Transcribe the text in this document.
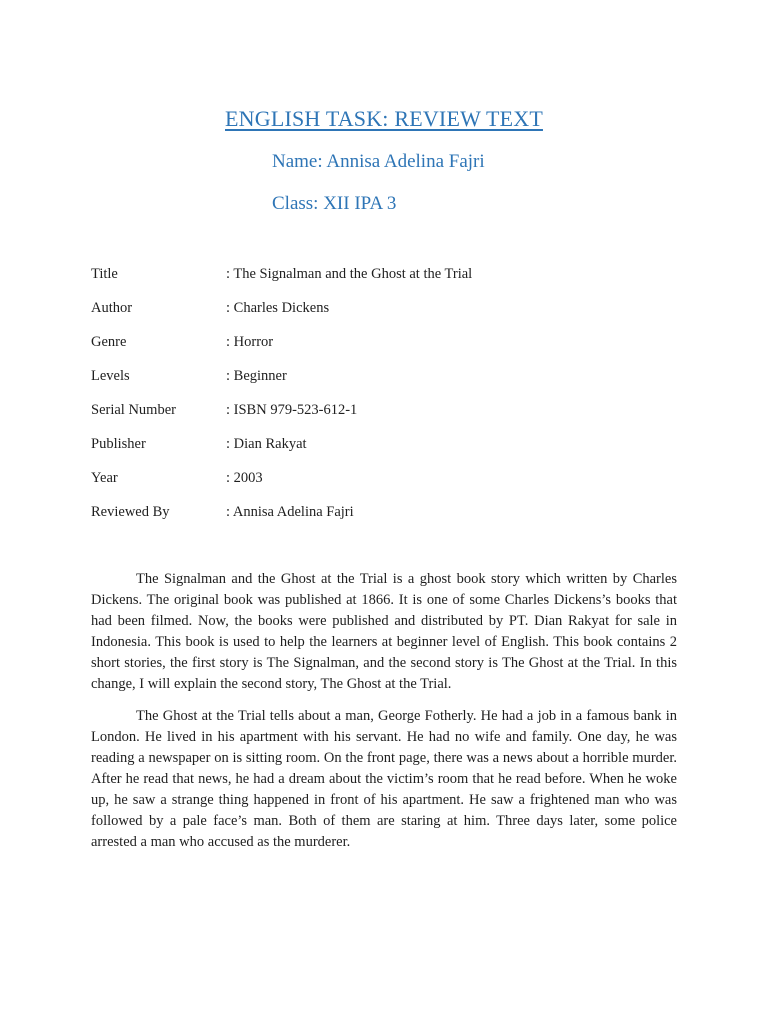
ENGLISH TASK: REVIEW TEXT
Name: Annisa Adelina Fajri
Class: XII IPA 3
Title	: The Signalman and the Ghost at the Trial
Author	: Charles Dickens
Genre	: Horror
Levels	: Beginner
Serial Number	: ISBN 979-523-612-1
Publisher	: Dian Rakyat
Year	: 2003
Reviewed By	: Annisa Adelina Fajri

The Signalman and the Ghost at the Trial is a ghost book story which written by Charles Dickens. The original book was published at 1866. It is one of some Charles Dickens’s books that had been filmed. Now, the books were published and distributed by PT. Dian Rakyat for sale in Indonesia. This book is used to help the learners at beginner level of English. This book contains 2 short stories, the first story is The Signalman, and the second story is The Ghost at the Trial. In this change, I will explain the second story, The Ghost at the Trial.

The Ghost at the Trial tells about a man, George Fotherly. He had a job in a famous bank in London. He lived in his apartment with his servant. He had no wife and family. One day, he was reading a newspaper on is sitting room. On the front page, there was a news about a horrible murder. After he read that news, he had a dream about the victim’s room that he read before. When he woke up, he saw a strange thing happened in front of his apartment. He saw a frightened man who was followed by a pale face’s man. Both of them are staring at him. Three days later, some police arrested a man who accused as the murderer.
